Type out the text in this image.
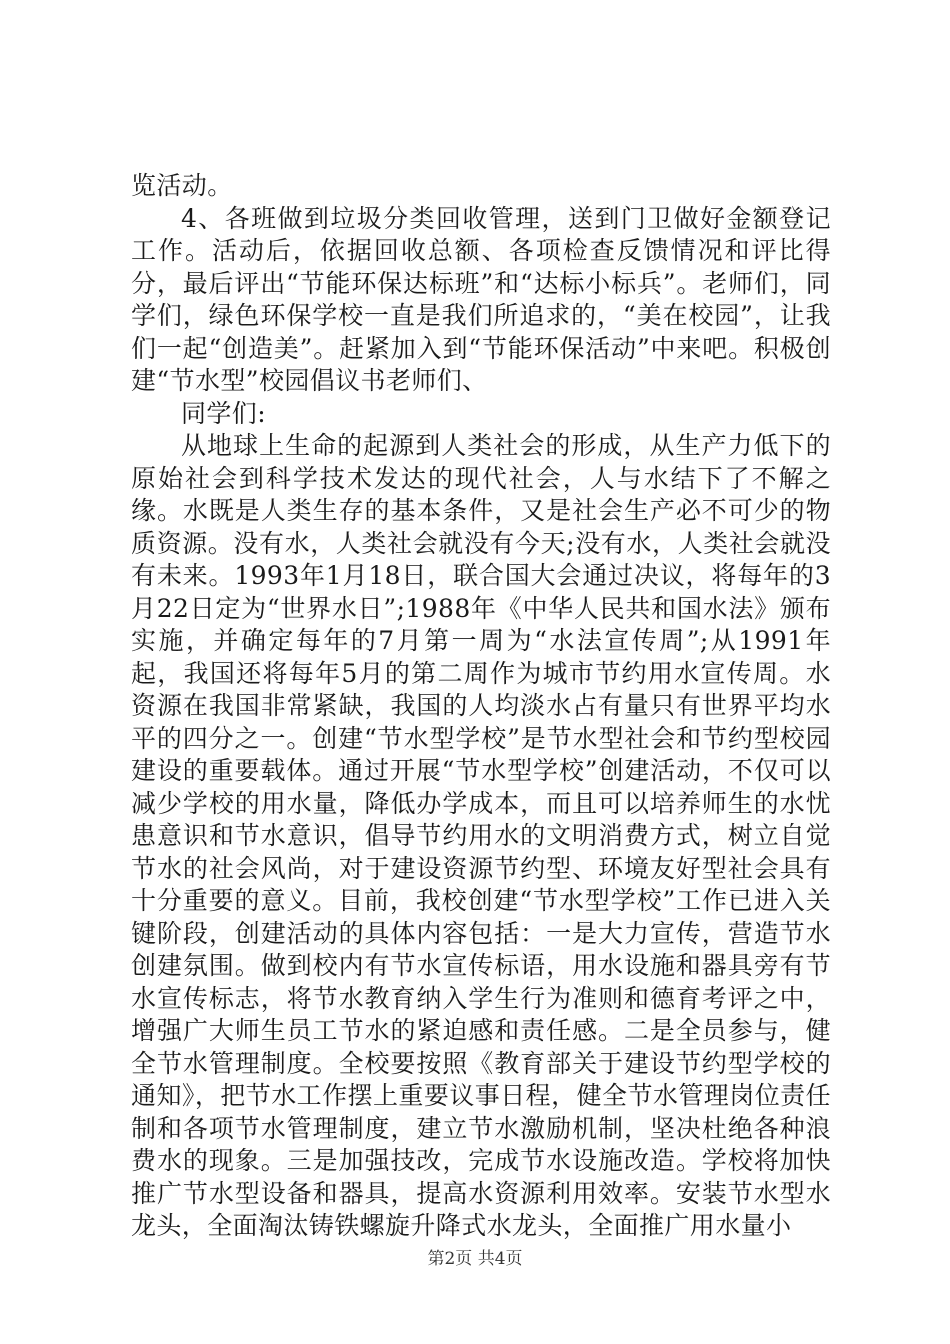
览活动。

4、各班做到垃圾分类回收管理，送到门卫做好金额登记工作。活动后，依据回收总额、各项检查反馈情况和评比得分，最后评出“节能环保达标班”和“达标小标兵”。老师们，同学们，绿色环保学校一直是我们所追求的，“美在校园”，让我们一起“创造美”。赶紧加入到“节能环保活动”中来吧。积极创建“节水型”校园倡议书老师们、

同学们:

从地球上生命的起源到人类社会的形成，从生产力低下的原始社会到科学技术发达的现代社会，人与水结下了不解之缘。水既是人类生存的基本条件，又是社会生产必不可少的物质资源。没有水，人类社会就没有今天;没有水，人类社会就没有未来。1993年1月18日，联合国大会通过决议，将每年的3月22日定为“世界水日”;1988年《中华人民共和国水法》颁布实施，并确定每年的7月第一周为“水法宣传周”;从1991年起，我国还将每年5月的第二周作为城市节约用水宣传周。水资源在我国非常紧缺，我国的人均淡水占有量只有世界平均水平的四分之一。创建“节水型学校”是节水型社会和节约型校园建设的重要载体。通过开展“节水型学校”创建活动，不仅可以减少学校的用水量，降低办学成本，而且可以培养师生的水忧患意识和节水意识，倡导节约用水的文明消费方式，树立自觉节水的社会风尚，对于建设资源节约型、环境友好型社会具有十分重要的意义。目前，我校创建“节水型学校”工作已进入关键阶段，创建活动的具体内容包括：一是大力宣传，营造节水创建氛围。做到校内有节水宣传标语，用水设施和器具旁有节水宣传标志，将节水教育纳入学生行为准则和德育考评之中，增强广大师生员工节水的紧迫感和责任感。二是全员参与，健全节水管理制度。全校要按照《教育部关于建设节约型学校的通知》，把节水工作摆上重要议事日程，健全节水管理岗位责任制和各项节水管理制度，建立节水激励机制，坚决杜绝各种浪费水的现象。三是加强技改，完成节水设施改造。学校将加快推广节水型设备和器具，提高水资源利用效率。安装节水型水龙头，全面淘汰铸铁螺旋升降式水龙头，全面推广用水量小

第2页 共4页
